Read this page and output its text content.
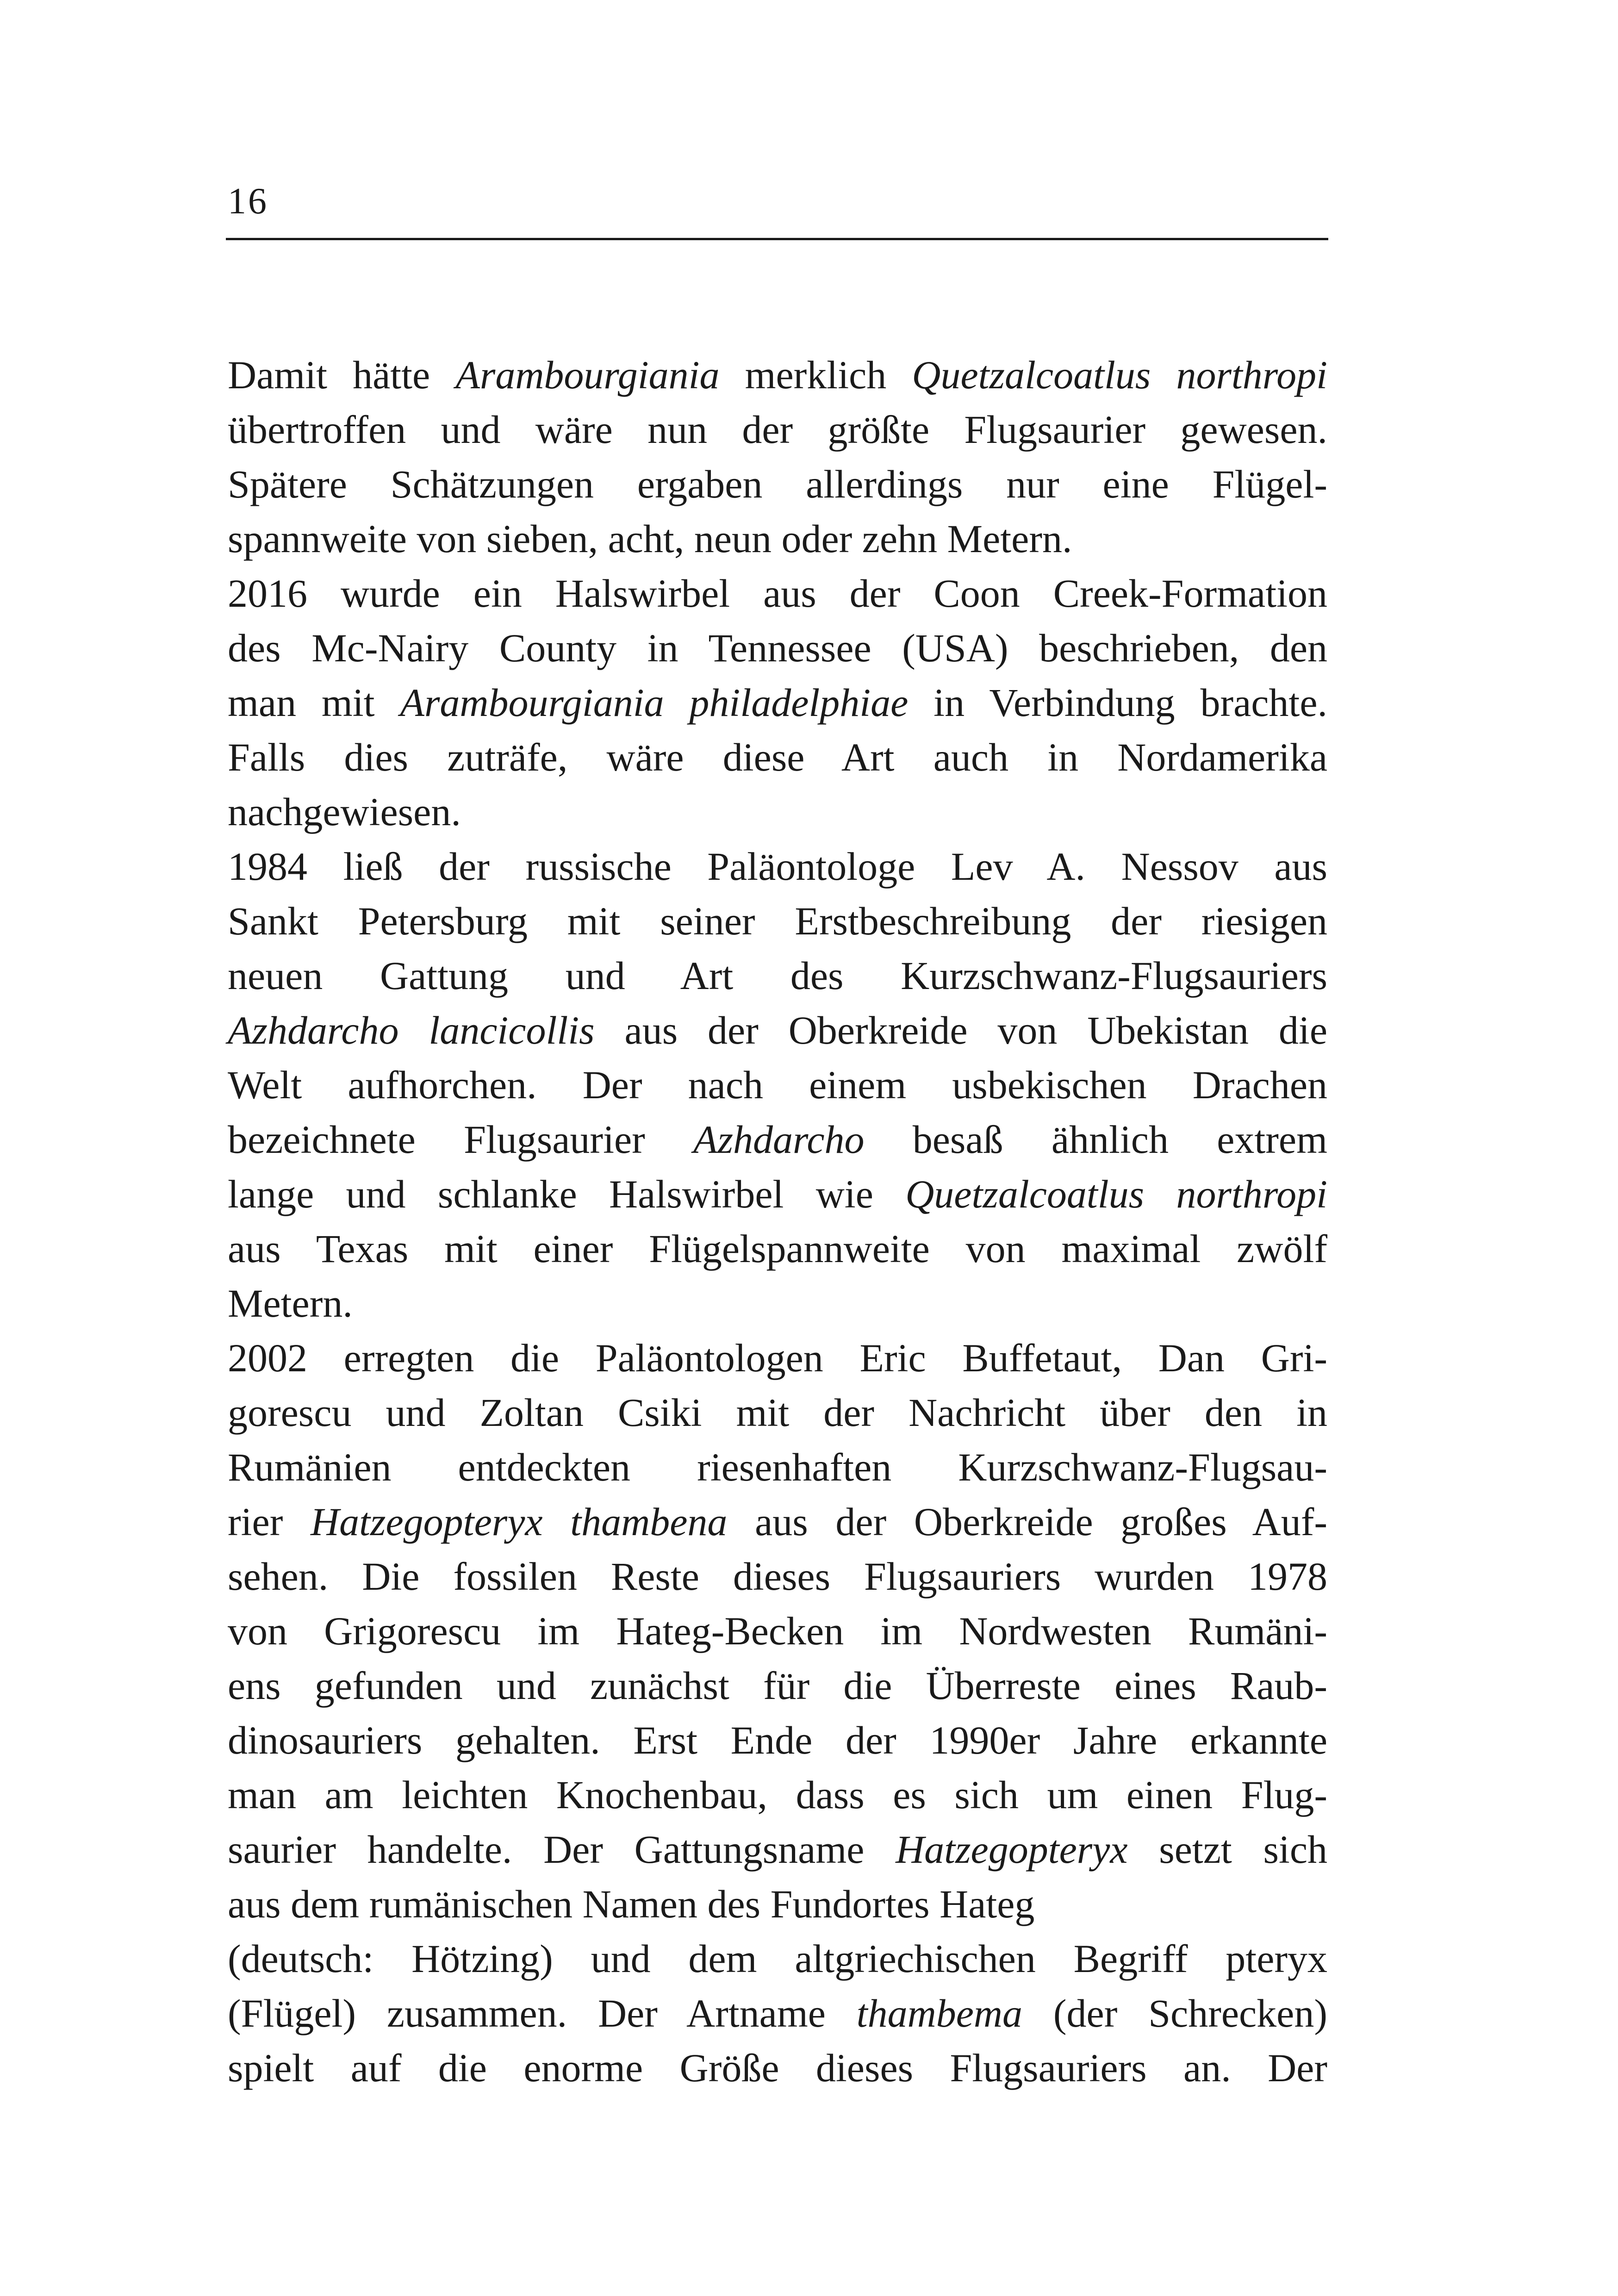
16
Damit hätte Arambourgiania merklich Quetzalcoatlus northropi
übertroffen und wäre nun der größte Flugsaurier gewesen.
Spätere Schätzungen ergaben allerdings nur eine Flügel-
spannweite von sieben, acht, neun oder zehn Metern.
2016 wurde ein Halswirbel aus der Coon Creek-Formation
des Mc-Nairy County in Tennessee (USA) beschrieben, den
man mit Arambourgiania philadelphiae in Verbindung brachte.
Falls dies zuträfe, wäre diese Art auch in Nordamerika
nachgewiesen.
1984 ließ der russische Paläontologe Lev A. Nessov aus
Sankt Petersburg mit seiner Erstbeschreibung der riesigen
neuen Gattung und Art des Kurzschwanz-Flugsauriers
Azhdarcho lancicollis aus der Oberkreide von Ubekistan die
Welt aufhorchen. Der nach einem usbekischen Drachen
bezeichnete Flugsaurier Azhdarcho besaß ähnlich extrem
lange und schlanke Halswirbel wie Quetzalcoatlus northropi
aus Texas mit einer Flügelspannweite von maximal zwölf
Metern.
2002 erregten die Paläontologen Eric Buffetaut, Dan Gri-
gorescu und Zoltan Csiki mit der Nachricht über den in
Rumänien entdeckten riesenhaften Kurzschwanz-Flugsau-
rier Hatzegopteryx thambena aus der Oberkreide großes Auf-
sehen. Die fossilen Reste dieses Flugsauriers wurden 1978
von Grigorescu im Hateg-Becken im Nordwesten Rumäni-
ens gefunden und zunächst für die Überreste eines Raub-
dinosauriers gehalten. Erst Ende der 1990er Jahre erkannte
man am leichten Knochenbau, dass es sich um einen Flug-
saurier handelte. Der Gattungsname Hatzegopteryx setzt sich
aus dem rumänischen Namen des Fundortes Hateg
(deutsch: Hötzing) und dem altgriechischen Begriff pteryx
(Flügel) zusammen. Der Artname thambema (der Schrecken)
spielt auf die enorme Größe dieses Flugsauriers an. Der
